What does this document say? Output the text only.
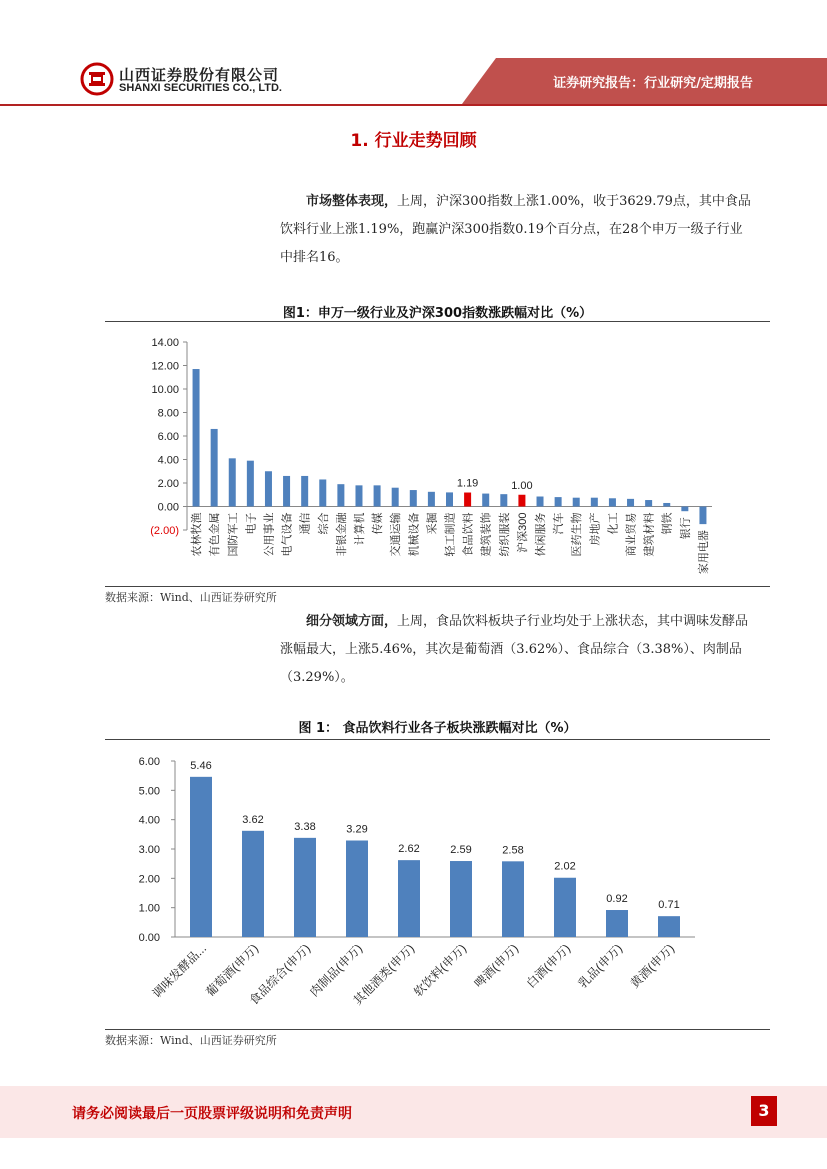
山西证券股份有限公司
SHANXI SECURITIES CO., LTD.	证券研究报告：行业研究/定期报告
1. 行业走势回顾
市场整体表现，上周，沪深300指数上涨1.00%，收于3629.79点，其中食品饮料行业上涨1.19%，跑赢沪深300指数0.19个百分点，在28个申万一级子行业中排名16。
图1：申万一级行业及沪深300指数涨跌幅对比（%）
(2.00)
0.00
2.00
4.00
6.00
8.00
10.00
12.00
14.00
农林牧渔 有色金属 国防军工 电子 公用事业 电气设备 通信 综合 非银金融 计算机 传媒 交通运输 机械设备 采掘 轻工制造
1.19
食品饮料 建筑装饰 纺织服装
1.00
沪深300 休闲服务 汽车 医药生物 房地产 化工 商业贸易 建筑材料 钢铁 银行
家用电器
数据来源：Wind、山西证券研究所
细分领域方面，上周，食品饮料板块子行业均处于上涨状态，其中调味发酵品涨幅最大，上涨5.46%，其次是葡萄酒（3.62%）、食品综合（3.38%）、肉制品（3.29%）。
图 1： 食品饮料行业各子板块涨跌幅对比（%）
0.00
1.00
2.00
3.00
4.00
5.00
6.00	5.46
调味发酵品...
3.62
葡萄酒(申万)
3.38
食品综合(申万)
3.29
肉制品(申万)
2.62
其他酒类(申万)
2.59
软饮料(申万)
2.58
啤酒(申万)
2.02
白酒(申万)
0.92
乳品(申万)
0.71
黄酒(申万)
数据来源：Wind、山西证券研究所
请务必阅读最后一页股票评级说明和免责声明	3
